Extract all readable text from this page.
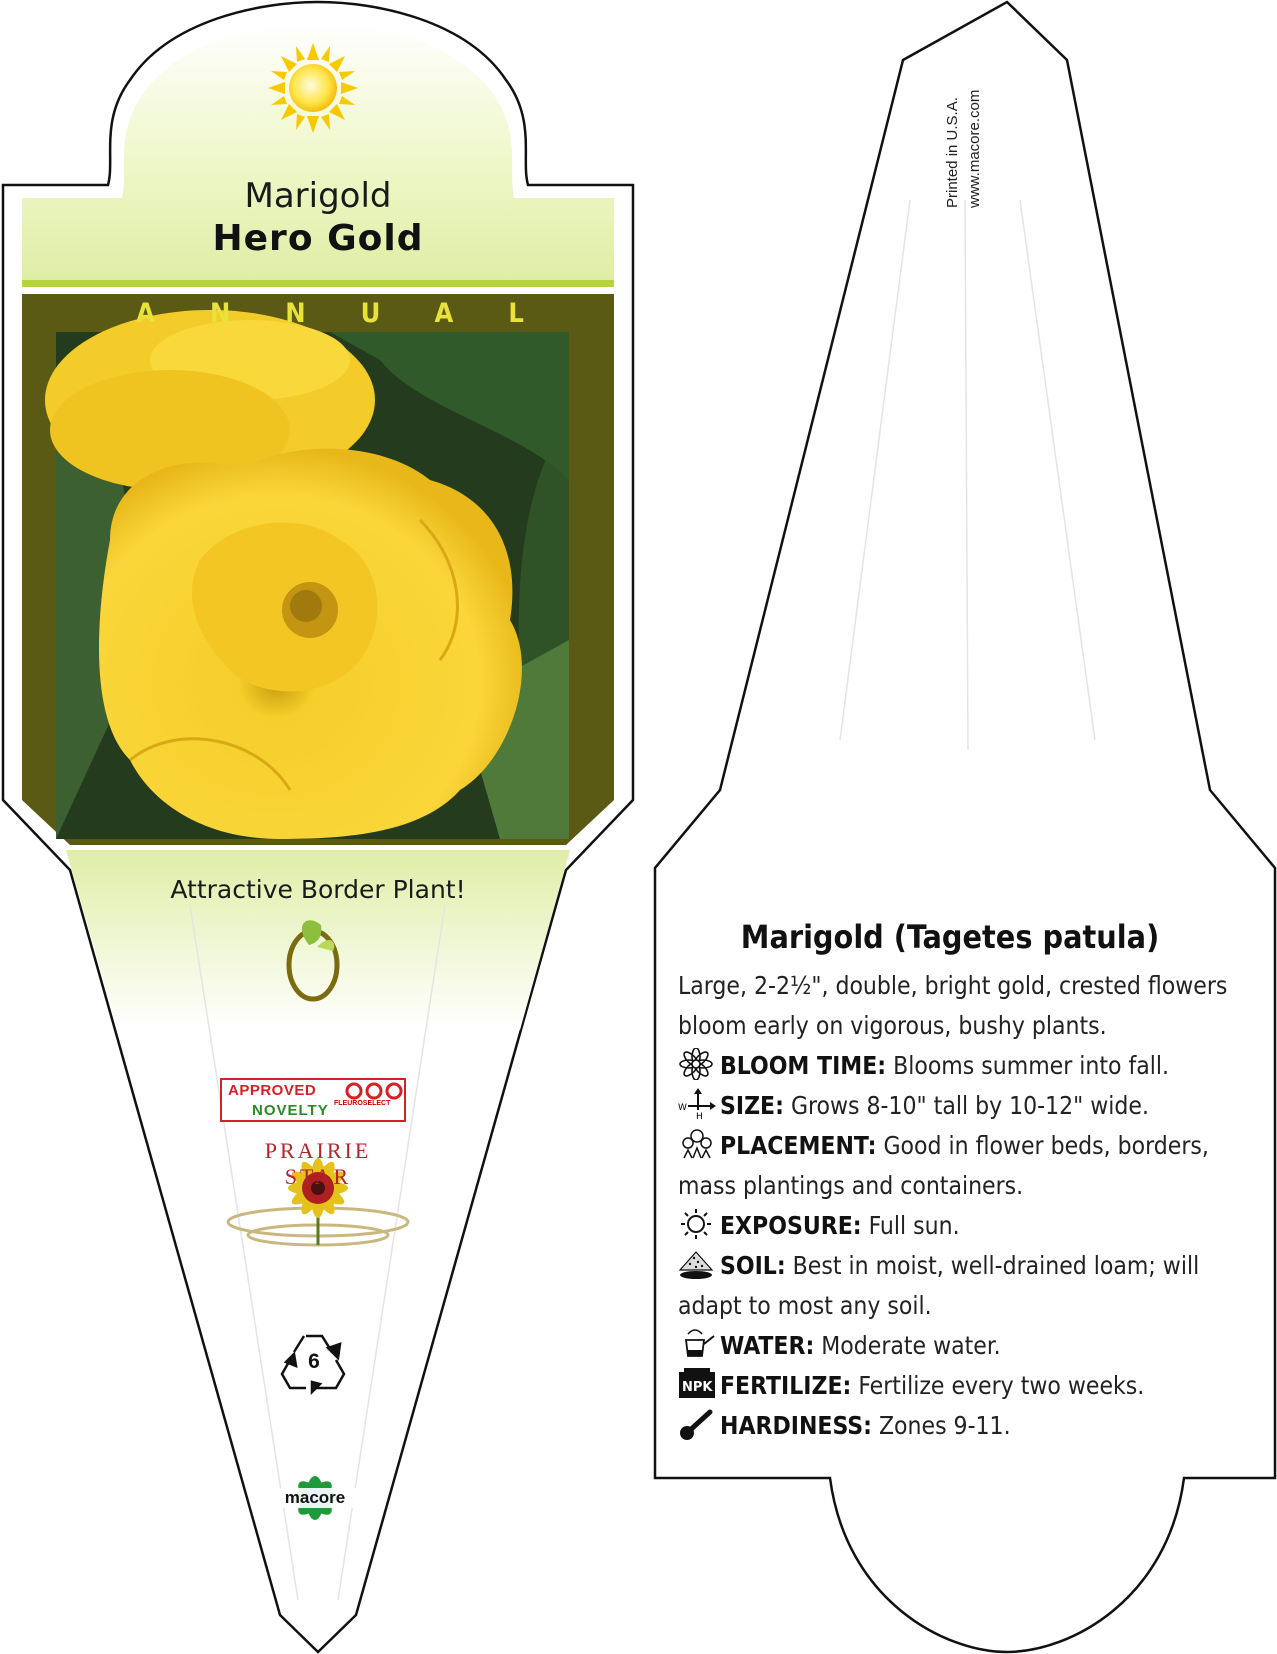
Marigold
Hero Gold
ANNUAL
Attractive Border Plant!
APPROVED
NOVELTY FLEUROSELECT
PRAIRIE STAR
6
macore
Printed in U.S.A. www.macore.com
Marigold (Tagetes patula)
Large, 2-2½", double, bright gold, crested flowers bloom early on vigorous, bushy plants.
BLOOM TIME: Blooms summer into fall.
W
H SIZE: Grows 8-10" tall by 10-12" wide.
PLACEMENT: Good in flower beds, borders, mass plantings and containers.
EXPOSURE: Full sun.
SOIL: Best in moist, well-drained loam; will adapt to most any soil.
WATER: Moderate water.
NPK FERTILIZE: Fertilize every two weeks.
HARDINESS: Zones 9-11.
